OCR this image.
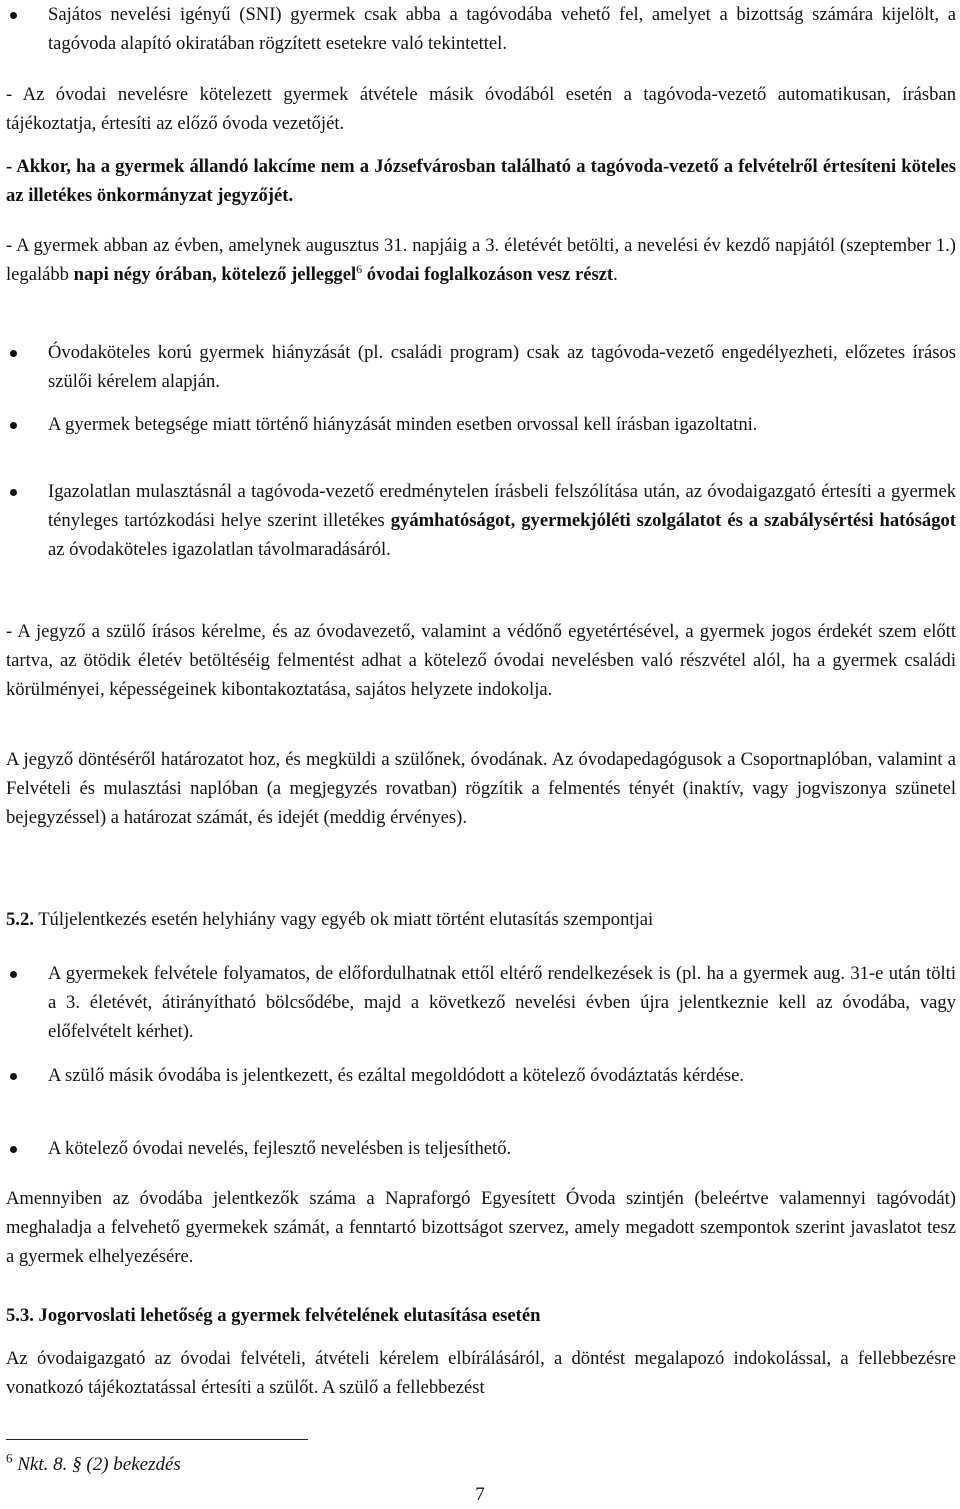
Sajátos nevelési igényű (SNI) gyermek csak abba a tagóvodába vehető fel, amelyet a bizottság számára kijelölt, a tagóvoda alapító okiratában rögzített esetekre való tekintettel.

- Az óvodai nevelésre kötelezett gyermek átvétele másik óvodából esetén a tagóvoda-vezető automatikusan, írásban tájékoztatja, értesíti az előző óvoda vezetőjét.

- Akkor, ha a gyermek állandó lakcíme nem a Józsefvárosban található a tagóvoda-vezető a felvételről értesíteni köteles az illetékes önkormányzat jegyzőjét.

- A gyermek abban az évben, amelynek augusztus 31. napjáig a 3. életévét betölti, a nevelési év kezdő napjától (szeptember 1.) legalább napi négy órában, kötelező jelleggel$^6$ óvodai foglalkozáson vesz részt.

Óvodaköteles korú gyermek hiányzását (pl. családi program) csak az tagóvoda-vezető engedélyezheti, előzetes írásos szülői kérelem alapján.

A gyermek betegsége miatt történő hiányzását minden esetben orvossal kell írásban igazoltatni.

Igazolatlan mulasztásnál a tagóvoda-vezető eredménytelen írásbeli felszólítása után, az óvodaigazgató értesíti a gyermek tényleges tartózkodási helye szerint illetékes gyámhatóságot, gyermekjóléti szolgálatot és a szabálysértési hatóságot az óvodaköteles igazolatlan távolmaradásáról.

- A jegyző a szülő írásos kérelme, és az óvodavezető, valamint a védőnő egyetértésével, a gyermek jogos érdekét szem előtt tartva, az ötödik életév betöltéséig felmentést adhat a kötelező óvodai nevelésben való részvétel alól, ha a gyermek családi körülményei, képességeinek kibontakoztatása, sajátos helyzete indokolja.

A jegyző döntéséről határozatot hoz, és megküldi a szülőnek, óvodának. Az óvodapedagógusok a Csoportnaplóban, valamint a Felvételi és mulasztási naplóban (a megjegyzés rovatban) rögzítik a felmentés tényét (inaktív, vagy jogviszonya szünetel bejegyzéssel) a határozat számát, és idejét (meddig érvényes).

5.2. Túljelentkezés esetén helyhiány vagy egyéb ok miatt történt elutasítás szempontjai

A gyermekek felvétele folyamatos, de előfordulhatnak ettől eltérő rendelkezések is (pl. ha a gyermek aug. 31-e után tölti a 3. életévét, átirányítható bölcsődébe, majd a következő nevelési évben újra jelentkeznie kell az óvodába, vagy előfelvételt kérhet).

A szülő másik óvodába is jelentkezett, és ezáltal megoldódott a kötelező óvodáztatás kérdése.

A kötelező óvodai nevelés, fejlesztő nevelésben is teljesíthető.

Amennyiben az óvodába jelentkezők száma a Napraforgó Egyesített Óvoda szintjén (beleértve valamennyi tagóvodát) meghaladja a felvehető gyermekek számát, a fenntartó bizottságot szervez, amely megadott szempontok szerint javaslatot tesz a gyermek elhelyezésére.

5.3. Jogorvoslati lehetőség a gyermek felvételének elutasítása esetén

Az óvodaigazgató az óvodai felvételi, átvételi kérelem elbírálásáról, a döntést megalapozó indokolással, a fellebbezésre vonatkozó tájékoztatással értesíti a szülőt. A szülő a fellebbezést

$^6$ Nkt. 8. § (2) bekezdés
7
